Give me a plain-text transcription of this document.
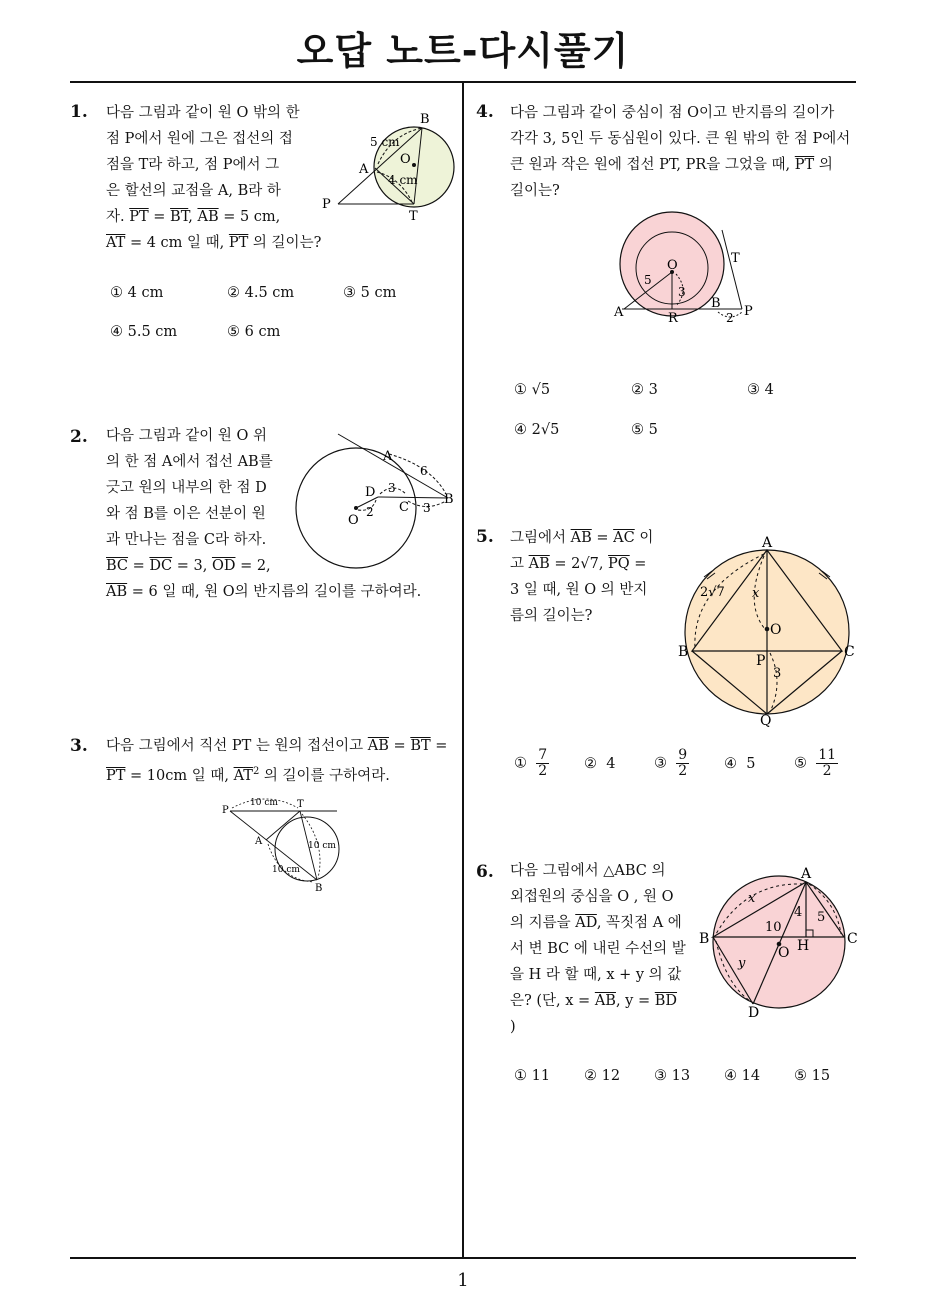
오답 노트-다시풀기
1
1. 다음 그림과 같이 원 O 밖의 한
점 P에서 원에 그은 접선의 접
점을 T라 하고, 점 P에서 그
은 할선의 교점을 A, B라 하
자. $\overline{PT} = \overline{BT}$, $\overline{AB} = 5$ cm,
$\overline{AT} = 4$ cm 일 때, $\overline{PT}$ 의 길이는?
B
O
A
P
T
5 cm
4 cm
① 4 cm	② 4.5 cm	③ 5 cm
④ 5.5 cm	⑤ 6 cm
2. 다음 그림과 같이 원 O 위
의 한 점 A에서 접선 AB를
긋고 원의 내부의 한 점 D
와 점 B를 이은 선분이 원
과 만나는 점을 C라 하자.
$\overline{BC} = \overline{DC} = 3$, $\overline{OD} = 2$,
$\overline{AB} = 6$ 일 때, 원 O의 반지름의 길이를 구하여라.
A
6
D 3
B
O
2 C 3
3. 다음 그림에서 직선 PT 는 원의 접선이고 $\overline{AB} = \overline{BT}$ =
$\overline{PT} = 10cm$ 일 때, $\overline{AT}^2$ 의 길이를 구하여라.
P
10 cm T
A	10 cm
10 cm
B
4. 다음 그림과 같이 중심이 점 O이고 반지름의 길이가
각각 3, 5인 두 동심원이 있다. 큰 원 밖의 한 점 P에서
큰 원과 작은 원에 접선 PT, PR을 그었을 때, $\overline{PT}$ 의
길이는?
O
5
3
T
A	R
B
P
2
① √5	② 3	③ 4
④ 2√5	⑤ 5
5. 그림에서 $\overline{AB} = \overline{AC}$ 이
고 $\overline{AB} = 2√7$, $\overline{PQ}$ =
3 일 때, 원 O 의 반지
름의 길이는?
A
B	C
O
P
Q
x
2√7
3
① $\frac{7}{2}$ ② 4	③ $\frac{9}{2}$ ④ 5	⑤ $\frac{11}{2}$
6. 다음 그림에서 △ABC 의
외접원의 중심을 O , 원 O
의 지름을 $\overline{AD}$, 꼭짓점 A 에
서 변 BC 에 내린 수선의 발
을 H 라 할 때, x + y 의 값
은? (단, $x = \overline{AB}$, $y = \overline{BD}$
)
A
B	C
D
O H
x
y
4 5
10
① 11 ② 12 ③ 13 ④ 14 ⑤ 15
